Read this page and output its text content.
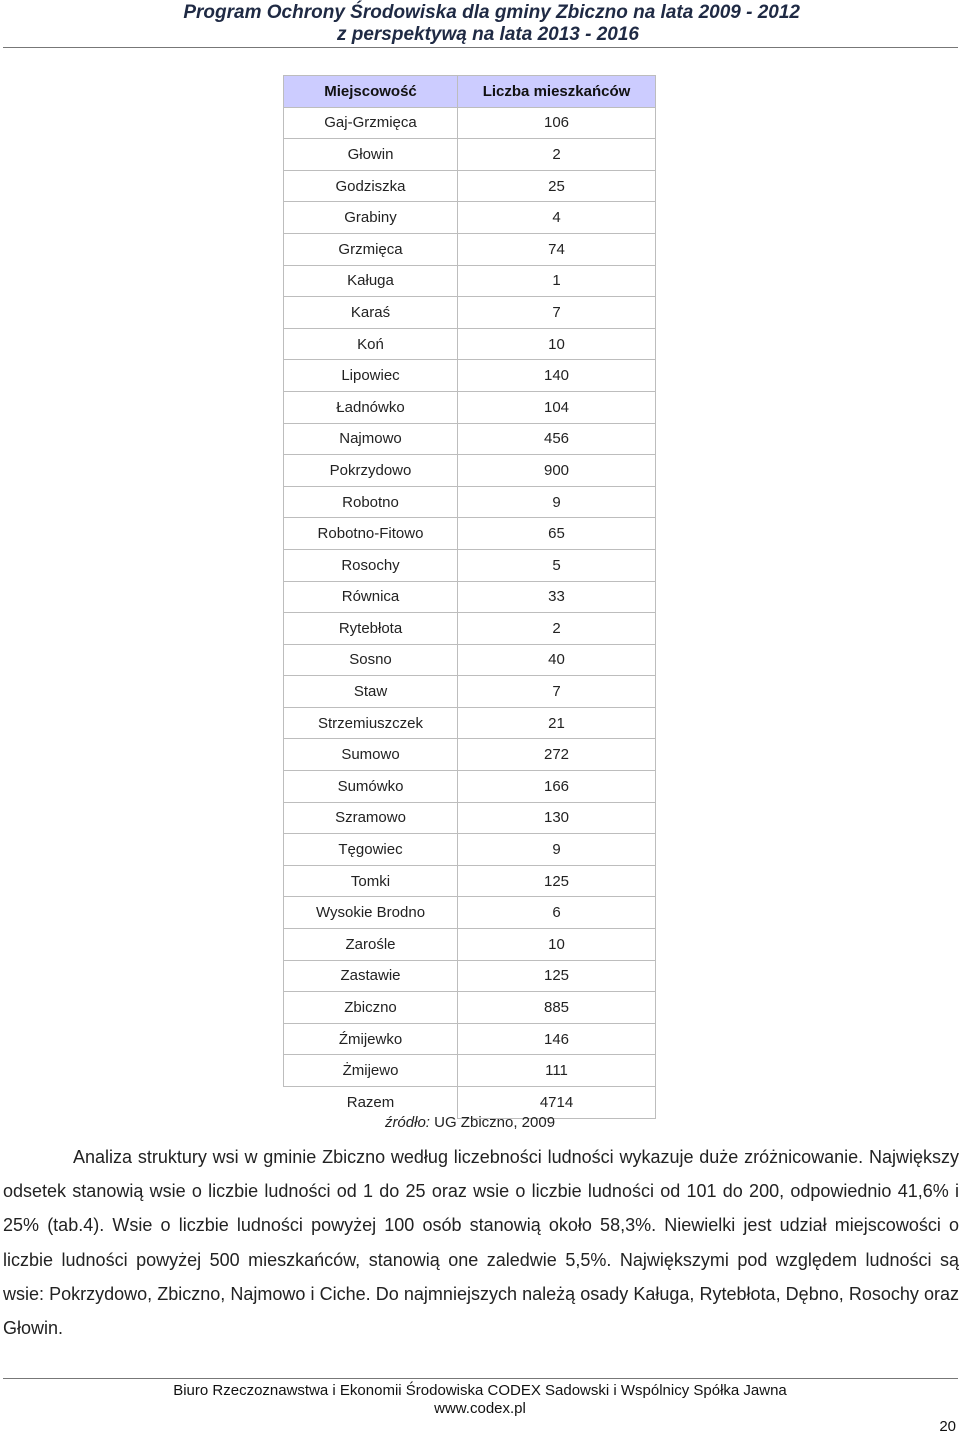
Program Ochrony Środowiska dla gminy Zbiczno na lata 2009 - 2012
z perspektywą na lata 2013 - 2016
Miejscowość	Liczba mieszkańców
Gaj-Grzmięca	106
Głowin	2
Godziszka	25
Grabiny	4
Grzmięca	74
Kaługa	1
Karaś	7
Koń	10
Lipowiec	140
Ładnówko	104
Najmowo	456
Pokrzydowo	900
Robotno	9
Robotno-Fitowo	65
Rosochy	5
Równica	33
Rytebłota	2
Sosno	40
Staw	7
Strzemiuszczek	21
Sumowo	272
Sumówko	166
Szramowo	130
Tęgowiec	9
Tomki	125
Wysokie Brodno	6
Zarośle	10
Zastawie	125
Zbiczno	885
Źmijewko	146
Żmijewo	111
Razem	4714
źródło: UG Zbiczno, 2009
Analiza struktury wsi w gminie Zbiczno według liczebności ludności wykazuje duże zróżnicowanie. Największy odsetek stanowią wsie o liczbie ludności od 1 do 25 oraz wsie o liczbie ludności od 101 do 200, odpowiednio 41,6% i 25% (tab.4). Wsie o liczbie ludności powyżej 100 osób stanowią około 58,3%. Niewielki jest udział miejscowości o liczbie ludności powyżej 500 mieszkańców, stanowią one zaledwie 5,5%. Największymi pod względem ludności są wsie: Pokrzydowo, Zbiczno, Najmowo i Ciche. Do najmniejszych należą osady Kaługa, Rytebłota, Dębno, Rosochy oraz Głowin.
Biuro Rzeczoznawstwa i Ekonomii Środowiska CODEX Sadowski i Wspólnicy Spółka Jawna
www.codex.pl
20
